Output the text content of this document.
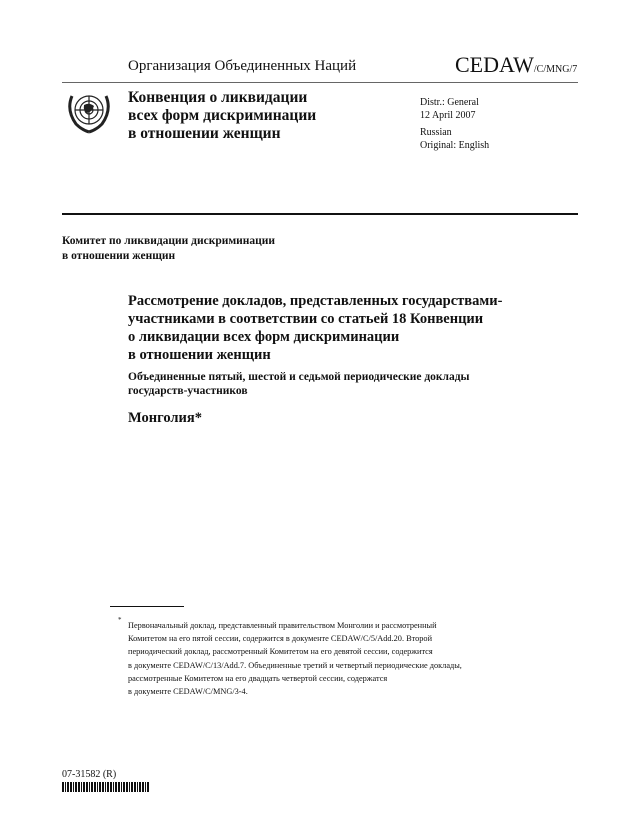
Организация Объединенных Наций	CEDAW/C/MNG/7
Конвенция о ликвидации
всех форм дискриминации
в отношении женщин
Distr.: General
12 April 2007
Russian
Original: English
Комитет по ликвидации дискриминации
в отношении женщин
Рассмотрение докладов, представленных государствами-
участниками в соответствии со статьей 18 Конвенции
о ликвидации всех форм дискриминации
в отношении женщин
Объединенные пятый, шестой и седьмой периодические доклады
государств-участников
Монголия*
*
Первоначальный доклад, представленный правительством Монголии и рассмотренный
Комитетом на его пятой сессии, содержится в документе CEDAW/C/5/Add.20. Второй
периодический доклад, рассмотренный Комитетом на его девятой сессии, содержится
в документе CEDAW/C/13/Add.7. Объединенные третий и четвертый периодические доклады,
рассмотренные Комитетом на его двадцать четвертой сессии, содержатся
в документе CEDAW/C/MNG/3-4.
07-31582 (R)
